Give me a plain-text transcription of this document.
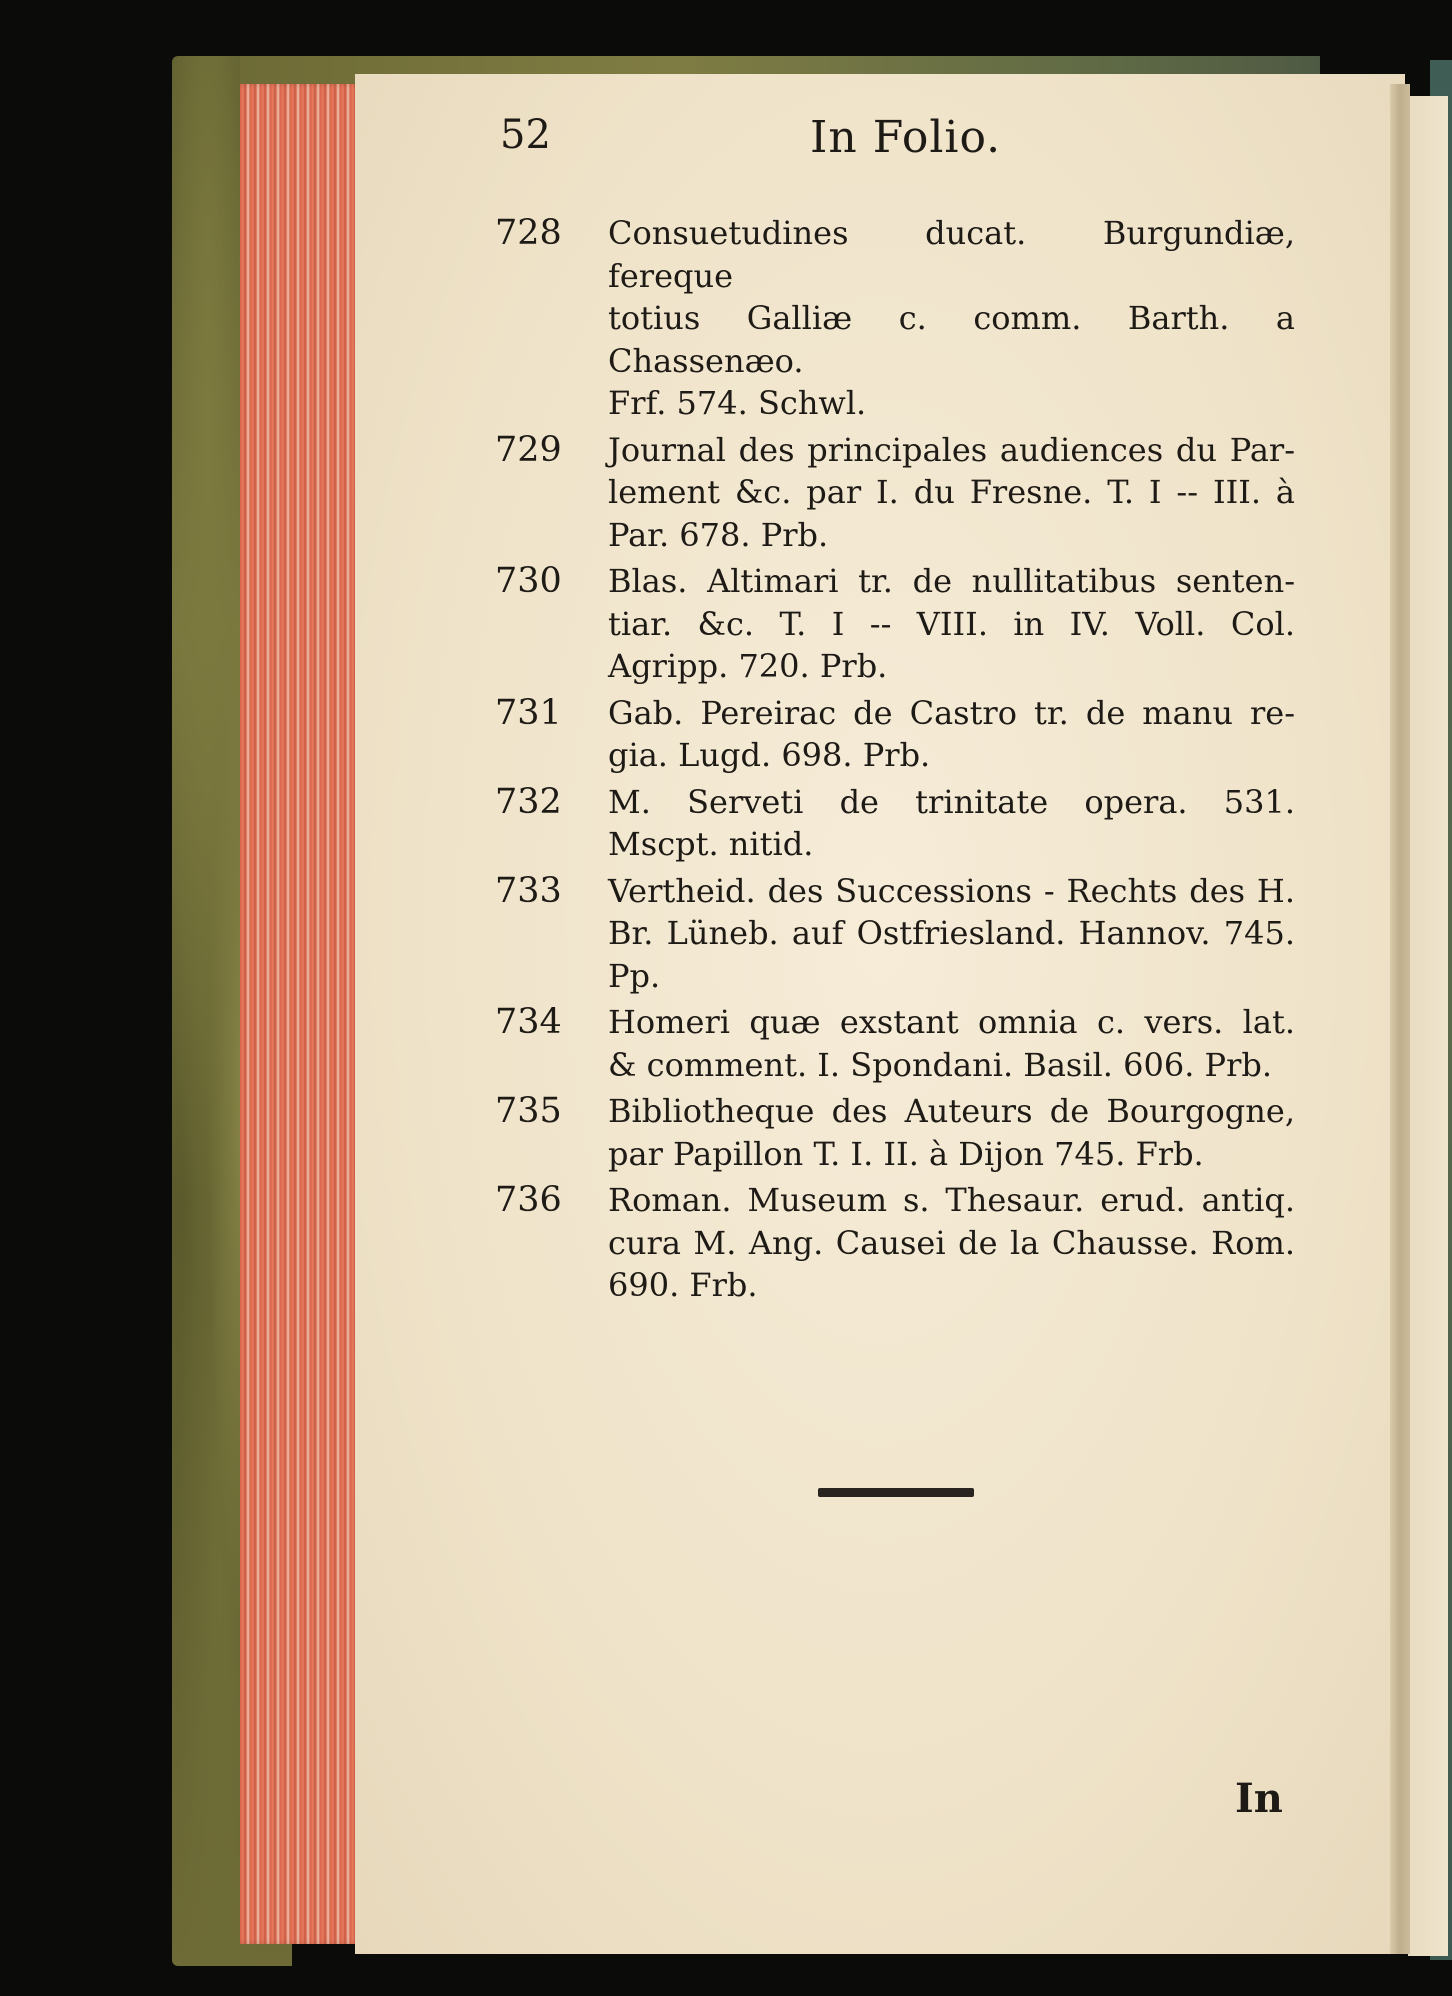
52	In Folio.
728	Consuetudines ducat. Burgundiæ, fereque
totius Galliæ c. comm. Barth. a Chassenæo.
Frf. 574. Schwl.
729	Journal des principales audiences du Par-
lement &c. par I. du Fresne. T. I -- III. à
Par. 678. Prb.
730	Blas. Altimari tr. de nullitatibus senten-
tiar. &c. T. I -- VIII. in IV. Voll. Col.
Agripp. 720. Prb.
731	Gab. Pereirac de Castro tr. de manu re-
gia. Lugd. 698. Prb.
732	M. Serveti de trinitate opera. 531.
Mscpt. nitid.
733	Vertheid. des Successions - Rechts des H.
Br. Lüneb. auf Ostfriesland. Hannov. 745.
Pp.
734	Homeri quæ exstant omnia c. vers. lat.
& comment. I. Spondani. Basil. 606. Prb.
735	Bibliotheque des Auteurs de Bourgogne,
par Papillon T. I. II. à Dijon 745. Frb.
736	Roman. Museum s. Thesaur. erud. antiq.
cura M. Ang. Causei de la Chausse. Rom.
690. Frb.
In
